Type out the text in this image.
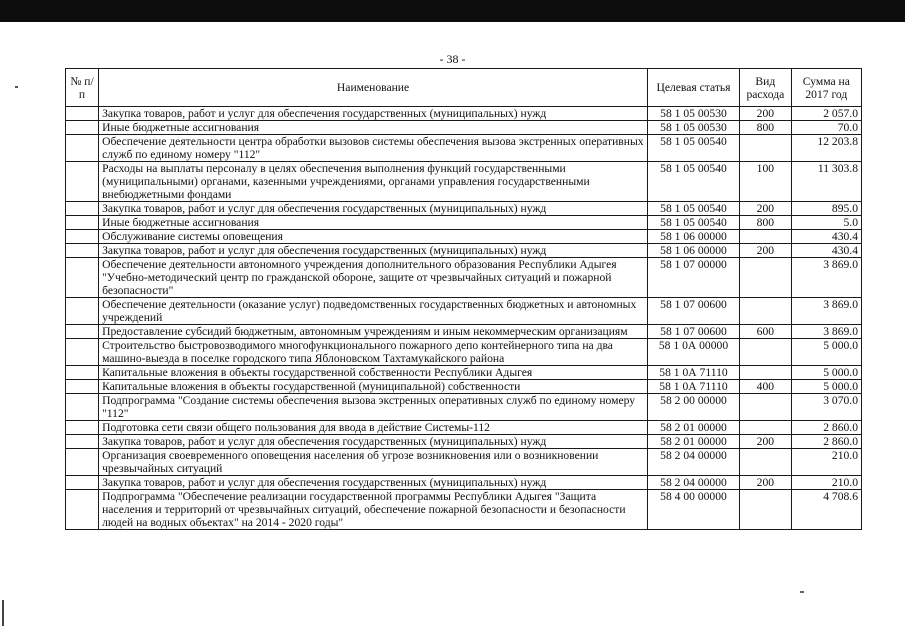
- 38 -
№ п/п	Наименование	Целевая статья	Вид расхода	Сумма на 2017 год
	Закупка товаров, работ и услуг для обеспечения государственных (муниципальных) нужд	58 1 05 00530	200	2 057.0
	Иные бюджетные ассигнования	58 1 05 00530	800	70.0
	Обеспечение деятельности центра обработки вызовов системы обеспечения вызова экстренных оперативных служб по единому номеру "112"	58 1 05 00540		12 203.8
	Расходы на выплаты персоналу в целях обеспечения выполнения функций государственными (муниципальными) органами, казенными учреждениями, органами управления государственными внебюджетными фондами	58 1 05 00540	100	11 303.8
	Закупка товаров, работ и услуг для обеспечения государственных (муниципальных) нужд	58 1 05 00540	200	895.0
	Иные бюджетные ассигнования	58 1 05 00540	800	5.0
	Обслуживание системы оповещения	58 1 06 00000		430.4
	Закупка товаров, работ и услуг для обеспечения государственных (муниципальных) нужд	58 1 06 00000	200	430.4
	Обеспечение деятельности автономного учреждения дополнительного образования Республики Адыгея "Учебно-методический центр по гражданской обороне, защите от чрезвычайных ситуаций и пожарной безопасности"	58 1 07 00000		3 869.0
	Обеспечение деятельности (оказание услуг) подведомственных государственных бюджетных и автономных учреждений	58 1 07 00600		3 869.0
	Предоставление субсидий бюджетным, автономным учреждениям и иным некоммерческим организациям	58 1 07 00600	600	3 869.0
	Строительство быстровозводимого многофункционального пожарного депо контейнерного типа на два машино-выезда в поселке городского типа Яблоновском Тахтамукайского района	58 1 0А 00000		5 000.0
	Капитальные вложения в объекты государственной собственности Республики Адыгея	58 1 0А 71110		5 000.0
	Капитальные вложения в объекты государственной (муниципальной) собственности	58 1 0А 71110	400	5 000.0
	Подпрограмма "Создание системы обеспечения вызова экстренных оперативных служб по единому номеру "112"	58 2 00 00000		3 070.0
	Подготовка сети связи общего пользования для ввода в действие Системы-112	58 2 01 00000		2 860.0
	Закупка товаров, работ и услуг для обеспечения государственных (муниципальных) нужд	58 2 01 00000	200	2 860.0
	Организация своевременного оповещения населения об угрозе возникновения или о возникновении чрезвычайных ситуаций	58 2 04 00000		210.0
	Закупка товаров, работ и услуг для обеспечения государственных (муниципальных) нужд	58 2 04 00000	200	210.0
	Подпрограмма "Обеспечение реализации государственной программы Республики Адыгея "Защита населения и территорий от чрезвычайных ситуаций, обеспечение пожарной безопасности и безопасности людей на водных объектах" на 2014 - 2020 годы"	58 4 00 00000		4 708.6
